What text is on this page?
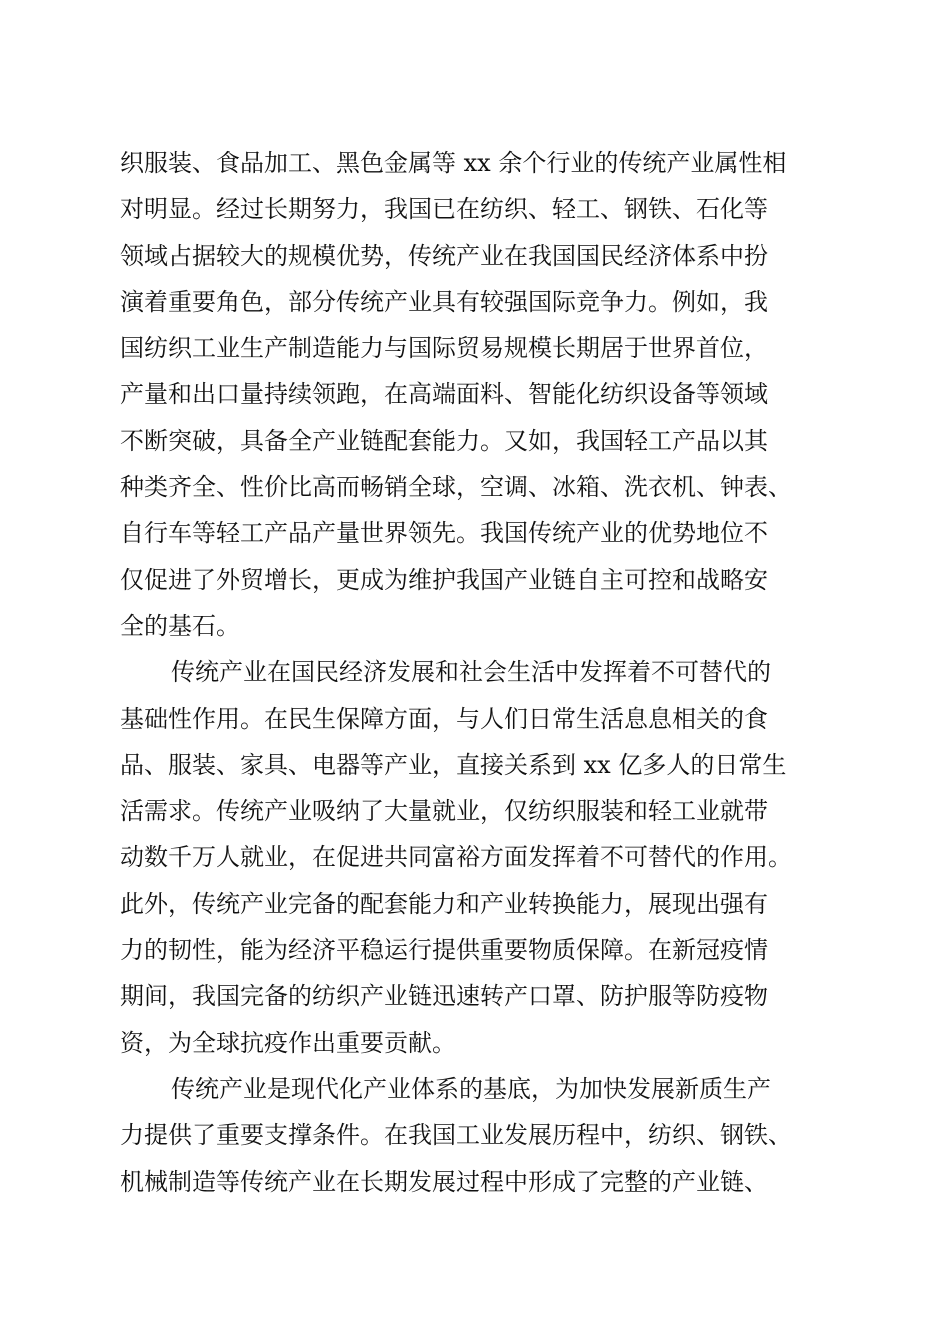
织服装、食品加工、黑色金属等 xx 余个行业的传统产业属性相
对明显。经过长期努力，我国已在纺织、轻工、钢铁、石化等
领域占据较大的规模优势，传统产业在我国国民经济体系中扮
演着重要角色，部分传统产业具有较强国际竞争力。例如，我
国纺织工业生产制造能力与国际贸易规模长期居于世界首位，
产量和出口量持续领跑，在高端面料、智能化纺织设备等领域
不断突破，具备全产业链配套能力。又如，我国轻工产品以其
种类齐全、性价比高而畅销全球，空调、冰箱、洗衣机、钟表、
自行车等轻工产品产量世界领先。我国传统产业的优势地位不
仅促进了外贸增长，更成为维护我国产业链自主可控和战略安
全的基石。
传统产业在国民经济发展和社会生活中发挥着不可替代的
基础性作用。在民生保障方面，与人们日常生活息息相关的食
品、服装、家具、电器等产业，直接关系到 xx 亿多人的日常生
活需求。传统产业吸纳了大量就业，仅纺织服装和轻工业就带
动数千万人就业，在促进共同富裕方面发挥着不可替代的作用。
此外，传统产业完备的配套能力和产业转换能力，展现出强有
力的韧性，能为经济平稳运行提供重要物质保障。在新冠疫情
期间，我国完备的纺织产业链迅速转产口罩、防护服等防疫物
资，为全球抗疫作出重要贡献。
传统产业是现代化产业体系的基底，为加快发展新质生产
力提供了重要支撑条件。在我国工业发展历程中，纺织、钢铁、
机械制造等传统产业在长期发展过程中形成了完整的产业链、
